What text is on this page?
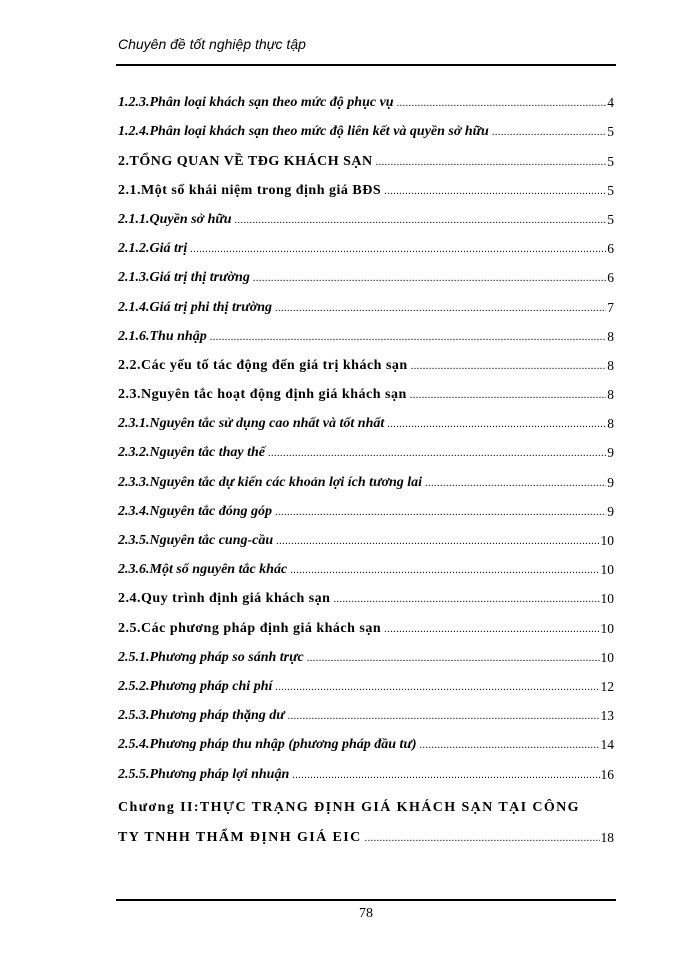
Chuyên đề tốt nghiệp thực tập
1.2.3.Phân loại khách sạn theo mức độ phục vụ .....	4
1.2.4.Phân loại khách sạn theo mức độ liên kết và quyền sở hữu .....	5
2.TỔNG QUAN VỀ TĐG KHÁCH SẠN .....	5
2.1.Một số khái niệm trong định giá BĐS .....	5
2.1.1.Quyền sở hữu .....	5
2.1.2.Giá trị .....	6
2.1.3.Giá trị thị trường .....	6
2.1.4.Giá trị phi thị trường .....	7
2.1.6.Thu nhập .....	8
2.2.Các yếu tố tác động đến giá trị khách sạn .....	8
2.3.Nguyên tắc hoạt động định giá khách sạn .....	8
2.3.1.Nguyên tắc sử dụng cao nhất và tốt nhất .....	8
2.3.2.Nguyên tắc thay thế .....	9
2.3.3.Nguyên tắc dự kiến các khoản lợi ích tương lai .....	9
2.3.4.Nguyên tắc đóng góp .....	9
2.3.5.Nguyên tắc cung-cầu .....	10
2.3.6.Một số nguyên tắc khác .....	10
2.4.Quy trình định giá khách sạn .....	10
2.5.Các phương pháp định giá khách sạn .....	10
2.5.1.Phương pháp so sánh trực .....	10
2.5.2.Phương pháp chi phí .....	12
2.5.3.Phương pháp thặng dư .....	13
2.5.4.Phương pháp thu nhập (phương pháp đầu tư) .....	14
2.5.5.Phương pháp lợi nhuận .....	16
Chương II:THỰC TRẠNG ĐỊNH GIÁ KHÁCH SẠN TẠI CÔNG
TY TNHH THẨM ĐỊNH GIÁ EIC .....	18
78
